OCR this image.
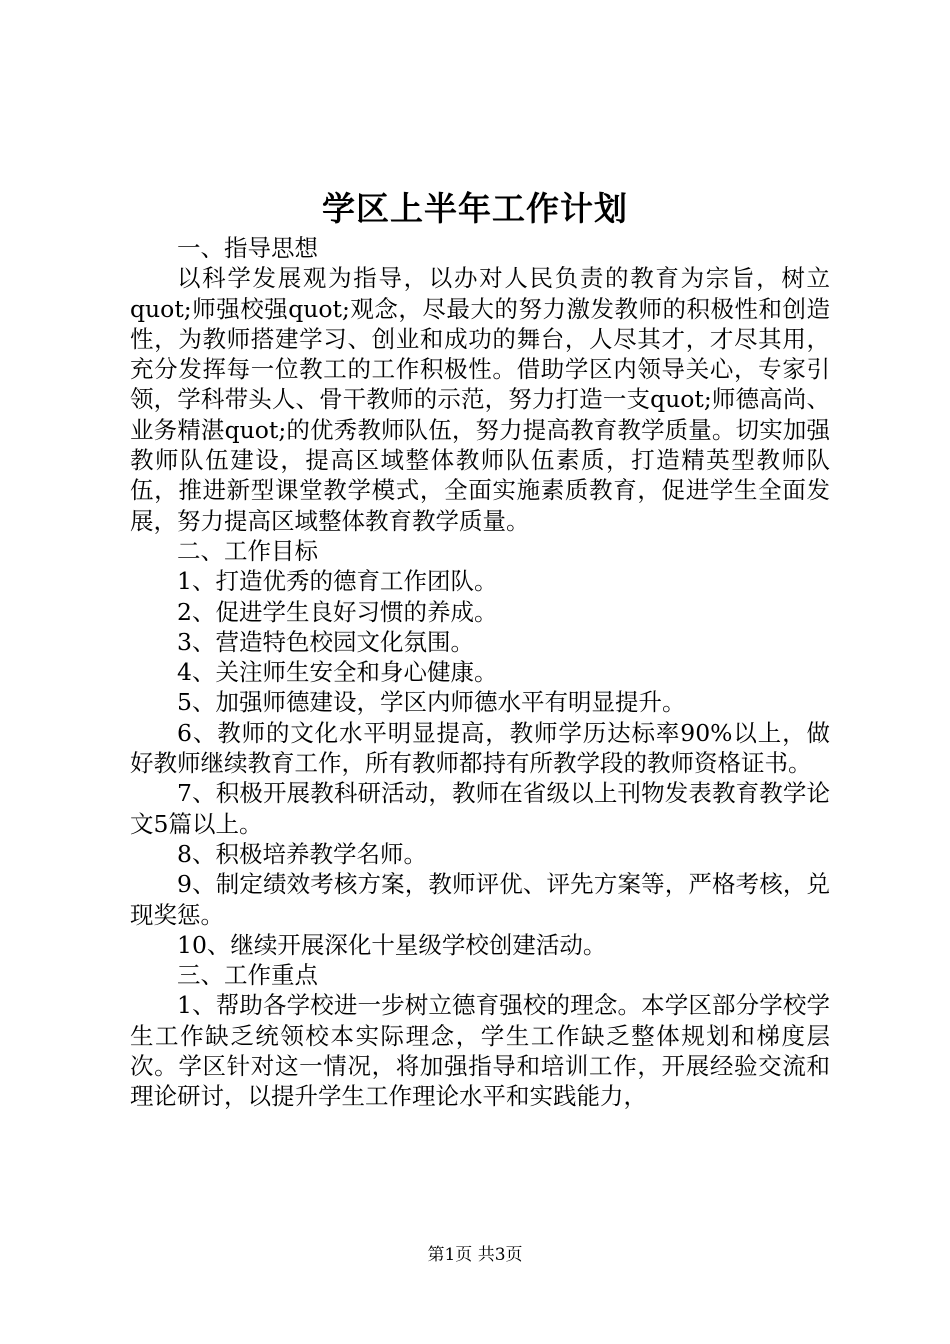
学区上半年工作计划

一、指导思想

以科学发展观为指导，以办对人民负责的教育为宗旨，树立quot;师强校强quot;观念，尽最大的努力激发教师的积极性和创造性，为教师搭建学习、创业和成功的舞台，人尽其才，才尽其用，充分发挥每一位教工的工作积极性。借助学区内领导关心，专家引领，学科带头人、骨干教师的示范，努力打造一支quot;师德高尚、业务精湛quot;的优秀教师队伍，努力提高教育教学质量。切实加强教师队伍建设，提高区域整体教师队伍素质，打造精英型教师队伍，推进新型课堂教学模式，全面实施素质教育，促进学生全面发展，努力提高区域整体教育教学质量。

二、工作目标

1、打造优秀的德育工作团队。

2、促进学生良好习惯的养成。

3、营造特色校园文化氛围。

4、关注师生安全和身心健康。

5、加强师德建设，学区内师德水平有明显提升。

6、教师的文化水平明显提高，教师学历达标率90%以上，做好教师继续教育工作，所有教师都持有所教学段的教师资格证书。

7、积极开展教科研活动，教师在省级以上刊物发表教育教学论文5篇以上。

8、积极培养教学名师。

9、制定绩效考核方案，教师评优、评先方案等，严格考核，兑现奖惩。

10、继续开展深化十星级学校创建活动。

三、工作重点

1、帮助各学校进一步树立德育强校的理念。本学区部分学校学生工作缺乏统领校本实际理念，学生工作缺乏整体规划和梯度层次。学区针对这一情况，将加强指导和培训工作，开展经验交流和理论研讨，以提升学生工作理论水平和实践能力，

第1页 共3页
